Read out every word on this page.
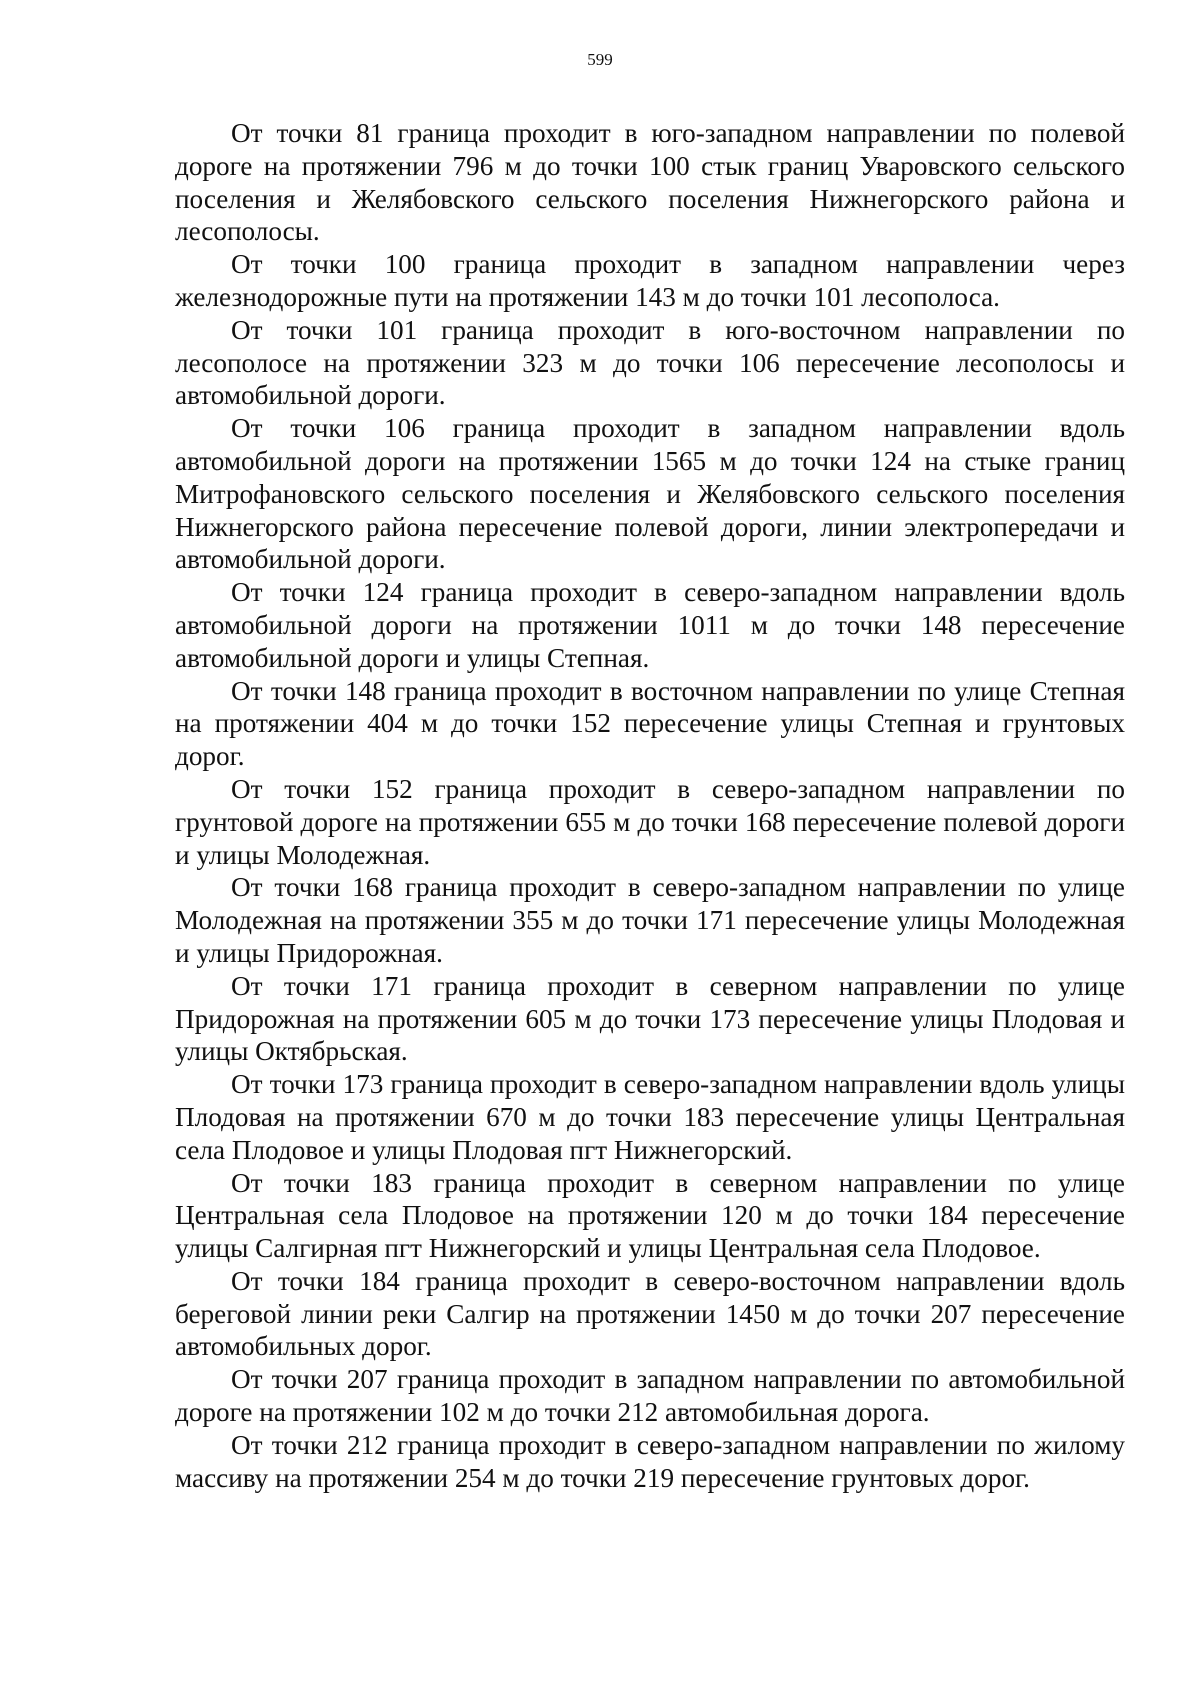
599

От точки 81 граница проходит в юго-западном направлении по полевой дороге на протяжении 796 м до точки 100 стык границ Уваровского сельского поселения и Желябовского сельского поселения Нижнегорского района и лесополосы.

От точки 100 граница проходит в западном направлении через железнодорожные пути на протяжении 143 м до точки 101 лесополоса.

От точки 101 граница проходит в юго-восточном направлении по лесополосе на протяжении 323 м до точки 106 пересечение лесополосы и автомобильной дороги.

От точки 106 граница проходит в западном направлении вдоль автомобильной дороги на протяжении 1565 м до точки 124 на стыке границ Митрофановского сельского поселения и Желябовского сельского поселения Нижнегорского района пересечение полевой дороги, линии электропередачи и автомобильной дороги.

От точки 124 граница проходит в северо-западном направлении вдоль автомобильной дороги на протяжении 1011 м до точки 148 пересечение автомобильной дороги и улицы Степная.

От точки 148 граница проходит в восточном направлении по улице Степная на протяжении 404 м до точки 152 пересечение улицы Степная и грунтовых дорог.

От точки 152 граница проходит в северо-западном направлении по грунтовой дороге на протяжении 655 м до точки 168 пересечение полевой дороги и улицы Молодежная.

От точки 168 граница проходит в северо-западном направлении по улице Молодежная на протяжении 355 м до точки 171 пересечение улицы Молодежная и улицы Придорожная.

От точки 171 граница проходит в северном направлении по улице Придорожная на протяжении 605 м до точки 173 пересечение улицы Плодовая и улицы Октябрьская.

От точки 173 граница проходит в северо-западном направлении вдоль улицы Плодовая на протяжении 670 м до точки 183 пересечение улицы Центральная села Плодовое и улицы Плодовая пгт Нижнегорский.

От точки 183 граница проходит в северном направлении по улице Центральная села Плодовое на протяжении 120 м до точки 184 пересечение улицы Салгирная пгт Нижнегорский и улицы Центральная села Плодовое.

От точки 184 граница проходит в северо-восточном направлении вдоль береговой линии реки Салгир на протяжении 1450 м до точки 207 пересечение автомобильных дорог.

От точки 207 граница проходит в западном направлении по автомобильной дороге на протяжении 102 м до точки 212 автомобильная дорога.

От точки 212 граница проходит в северо-западном направлении по жилому массиву на протяжении 254 м до точки 219 пересечение грунтовых дорог.
